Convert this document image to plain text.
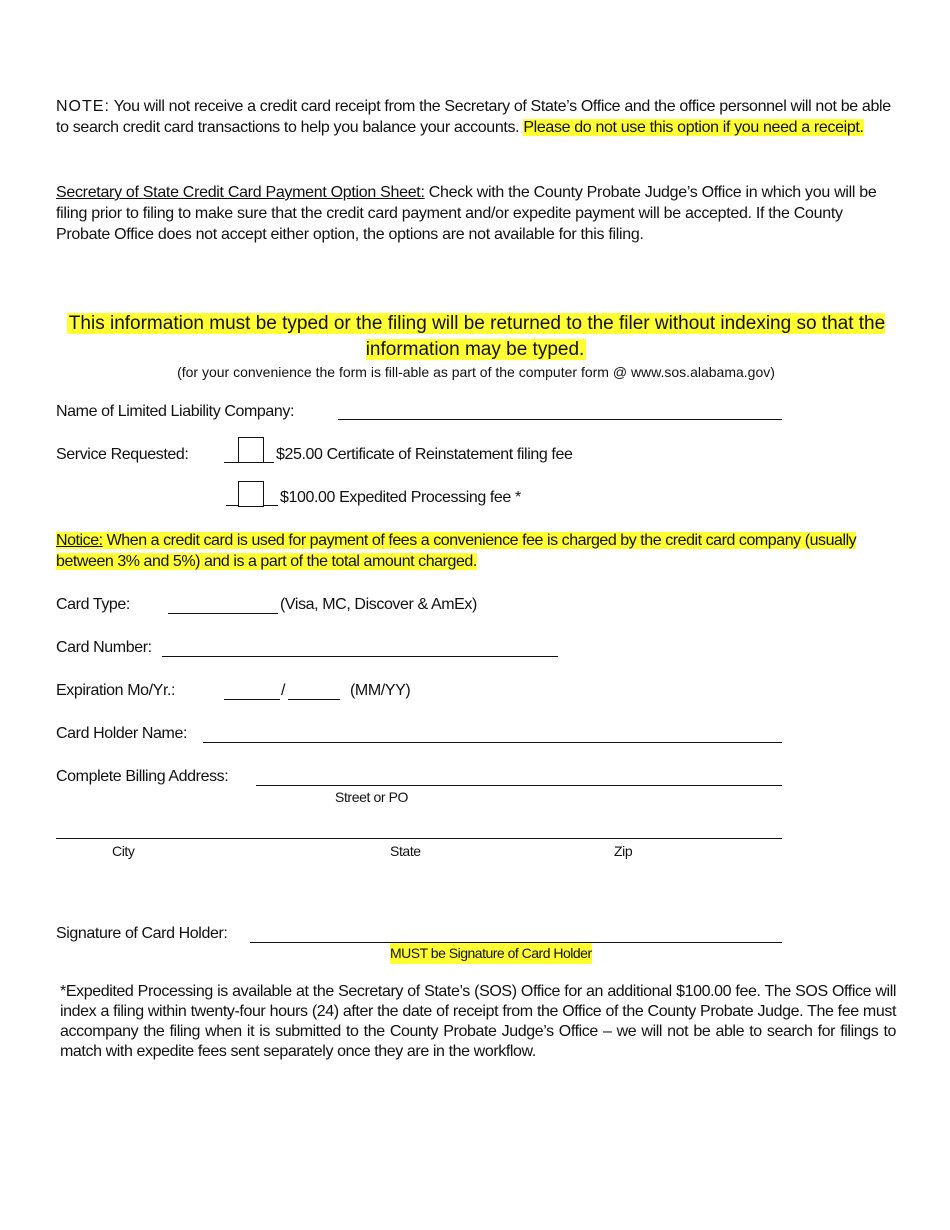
NOTE: You will not receive a credit card receipt from the Secretary of State’s Office and the office personnel will not be able to search credit card transactions to help you balance your accounts. Please do not use this option if you need a receipt.
Secretary of State Credit Card Payment Option Sheet: Check with the County Probate Judge’s Office in which you will be filing prior to filing to make sure that the credit card payment and/or expedite payment will be accepted. If the County Probate Office does not accept either option, the options are not available for this filing.
This information must be typed or the filing will be returned to the filer without indexing so that the information may be typed.
(for your convenience the form is fill-able as part of the computer form @ www.sos.alabama.gov)
Name of Limited Liability Company:
Service Requested:	$25.00 Certificate of Reinstatement filing fee
$100.00 Expedited Processing fee *
Notice: When a credit card is used for payment of fees a convenience fee is charged by the credit card company (usually between 3% and 5%) and is a part of the total amount charged.
Card Type:	(Visa, MC, Discover & AmEx)
Card Number:
Expiration Mo/Yr.:	/	(MM/YY)
Card Holder Name:
Complete Billing Address:
Street or PO
City	State	Zip
Signature of Card Holder:
MUST be Signature of Card Holder
*Expedited Processing is available at the Secretary of State’s (SOS) Office for an additional $100.00 fee. The SOS Office will index a filing within twenty-four hours (24) after the date of receipt from the Office of the County Probate Judge. The fee must accompany the filing when it is submitted to the County Probate Judge’s Office – we will not be able to search for filings to match with expedite fees sent separately once they are in the workflow.
